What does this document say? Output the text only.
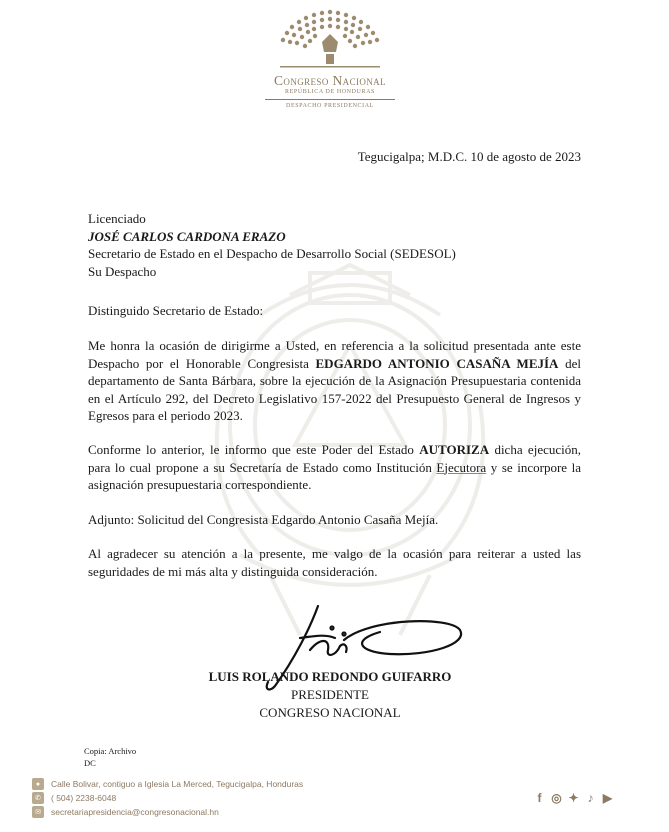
Congreso Nacional
REPÚBLICA DE HONDURAS
DESPACHO PRESIDENCIAL

Tegucigalpa; M.D.C. 10 de agosto de 2023

Licenciado
JOSÉ CARLOS CARDONA ERAZO
Secretario de Estado en el Despacho de Desarrollo Social (SEDESOL)
Su Despacho

Distinguido Secretario de Estado:

Me honra la ocasión de dirigirme a Usted, en referencia a la solicitud presentada ante este Despacho por el Honorable Congresista EDGARDO ANTONIO CASAÑA MEJÍA del departamento de Santa Bárbara, sobre la ejecución de la Asignación Presupuestaria contenida en el Artículo 292, del Decreto Legislativo 157-2022 del Presupuesto General de Ingresos y Egresos para el periodo 2023.

Conforme lo anterior, le informo que este Poder del Estado AUTORIZA dicha ejecución, para lo cual propone a su Secretaría de Estado como Institución Ejecutora y se incorpore la asignación presupuestaria correspondiente.

Adjunto: Solicitud del Congresista Edgardo Antonio Casaña Mejía.

Al agradecer su atención a la presente, me valgo de la ocasión para reiterar a usted las seguridades de mi más alta y distinguida consideración.

LUIS ROLANDO REDONDO GUIFARRO
PRESIDENTE
CONGRESO NACIONAL
Copia: Archivo
DC
●	Calle Bolivar, contiguo a Iglesia La Merced, Tegucigalpa, Honduras
✆	( 504) 2238-6048
✉	secretariapresidencia@congresonacional.hn
f ◎ ✦ ♪ ▶
